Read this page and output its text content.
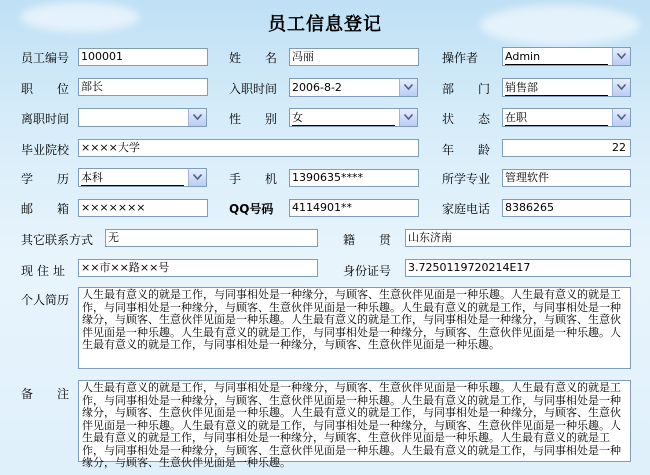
员工信息登记
员工编号 100001	姓 名 冯丽	操作者 Admin
职 位 部长	入职时间 2006-8-2	部 门 销售部
离职时间	性 别 女	状 态 在职
毕业院校 ××××大学	年 龄	22
学 历 本科	手 机 1390635****	所学专业 管理软件
邮 箱 ×××××××	QQ号码 4114901**	家庭电话 8386265
其它联系方式 无	籍 贯 山东济南
现住址 ××市××路××号	身份证号 3.7250119720214E17
个人简历	人生最有意义的就是工作，与同事相处是一种缘分，与顾客、生意伙伴见面是一种乐趣。人生最有意义的就是工作，与同事相处是一种缘分，与顾客、生意伙伴见面是一种乐趣。人生最有意义的就是工作，与同事相处是一种缘分，与顾客、生意伙伴见面是一种乐趣。人生最有意义的就是工作，与同事相处是一种缘分，与顾客、生意伙伴见面是一种乐趣。人生最有意义的就是工作，与同事相处是一种缘分，与顾客、生意伙伴见面是一种乐趣。人生最有意义的就是工作，与同事相处是一种缘分，与顾客、生意伙伴见面是一种乐趣。
备 注	人生最有意义的就是工作，与同事相处是一种缘分，与顾客、生意伙伴见面是一种乐趣。人生最有意义的就是工作，与同事相处是一种缘分，与顾客、生意伙伴见面是一种乐趣。人生最有意义的就是工作，与同事相处是一种缘分，与顾客、生意伙伴见面是一种乐趣。人生最有意义的就是工作，与同事相处是一种缘分，与顾客、生意伙伴见面是一种乐趣。人生最有意义的就是工作，与同事相处是一种缘分，与顾客、生意伙伴见面是一种乐趣。人生最有意义的就是工作，与同事相处是一种缘分，与顾客、生意伙伴见面是一种乐趣。人生最有意义的就是工作，与同事相处是一种缘分，与顾客、生意伙伴见面是一种乐趣。人生最有意义的就是工作，与同事相处是一种缘分，与顾客、生意伙伴见面是一种乐趣。
